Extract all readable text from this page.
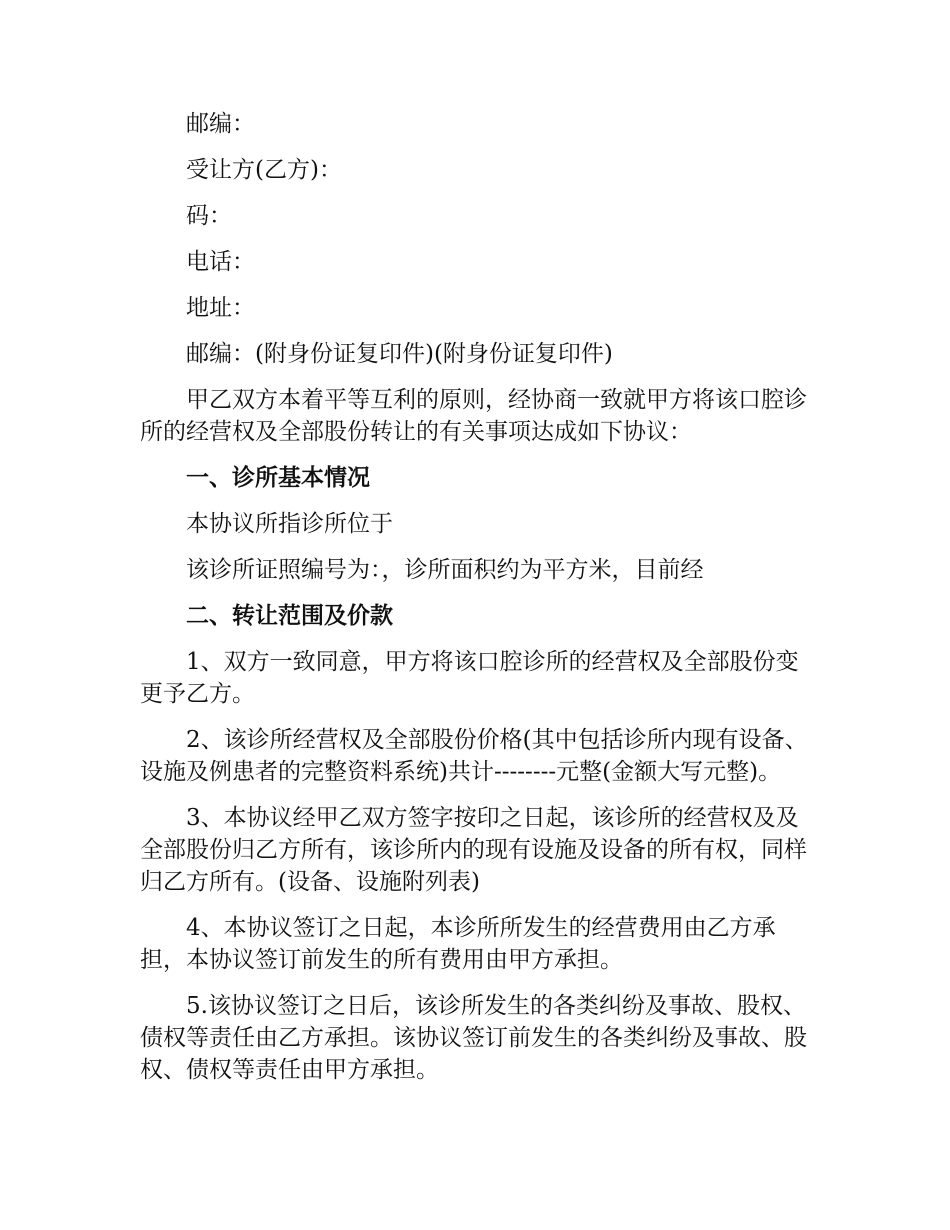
邮编：

受让方(乙方)：

码：

电话：

地址：

邮编：(附身份证复印件)(附身份证复印件)

甲乙双方本着平等互利的原则，经协商一致就甲方将该口腔诊所的经营权及全部股份转让的有关事项达成如下协议：

一、诊所基本情况

本协议所指诊所位于

该诊所证照编号为：，诊所面积约为平方米，目前经

二、转让范围及价款

1、双方一致同意，甲方将该口腔诊所的经营权及全部股份变更予乙方。

2、该诊所经营权及全部股份价格(其中包括诊所内现有设备、设施及例患者的完整资料系统)共计--------元整(金额大写元整)。

3、本协议经甲乙双方签字按印之日起，该诊所的经营权及及全部股份归乙方所有，该诊所内的现有设施及设备的所有权，同样归乙方所有。(设备、设施附列表)

4、本协议签订之日起，本诊所所发生的经营费用由乙方承担，本协议签订前发生的所有费用由甲方承担。

5.该协议签订之日后，该诊所发生的各类纠纷及事故、股权、债权等责任由乙方承担。该协议签订前发生的各类纠纷及事故、股权、债权等责任由甲方承担。
